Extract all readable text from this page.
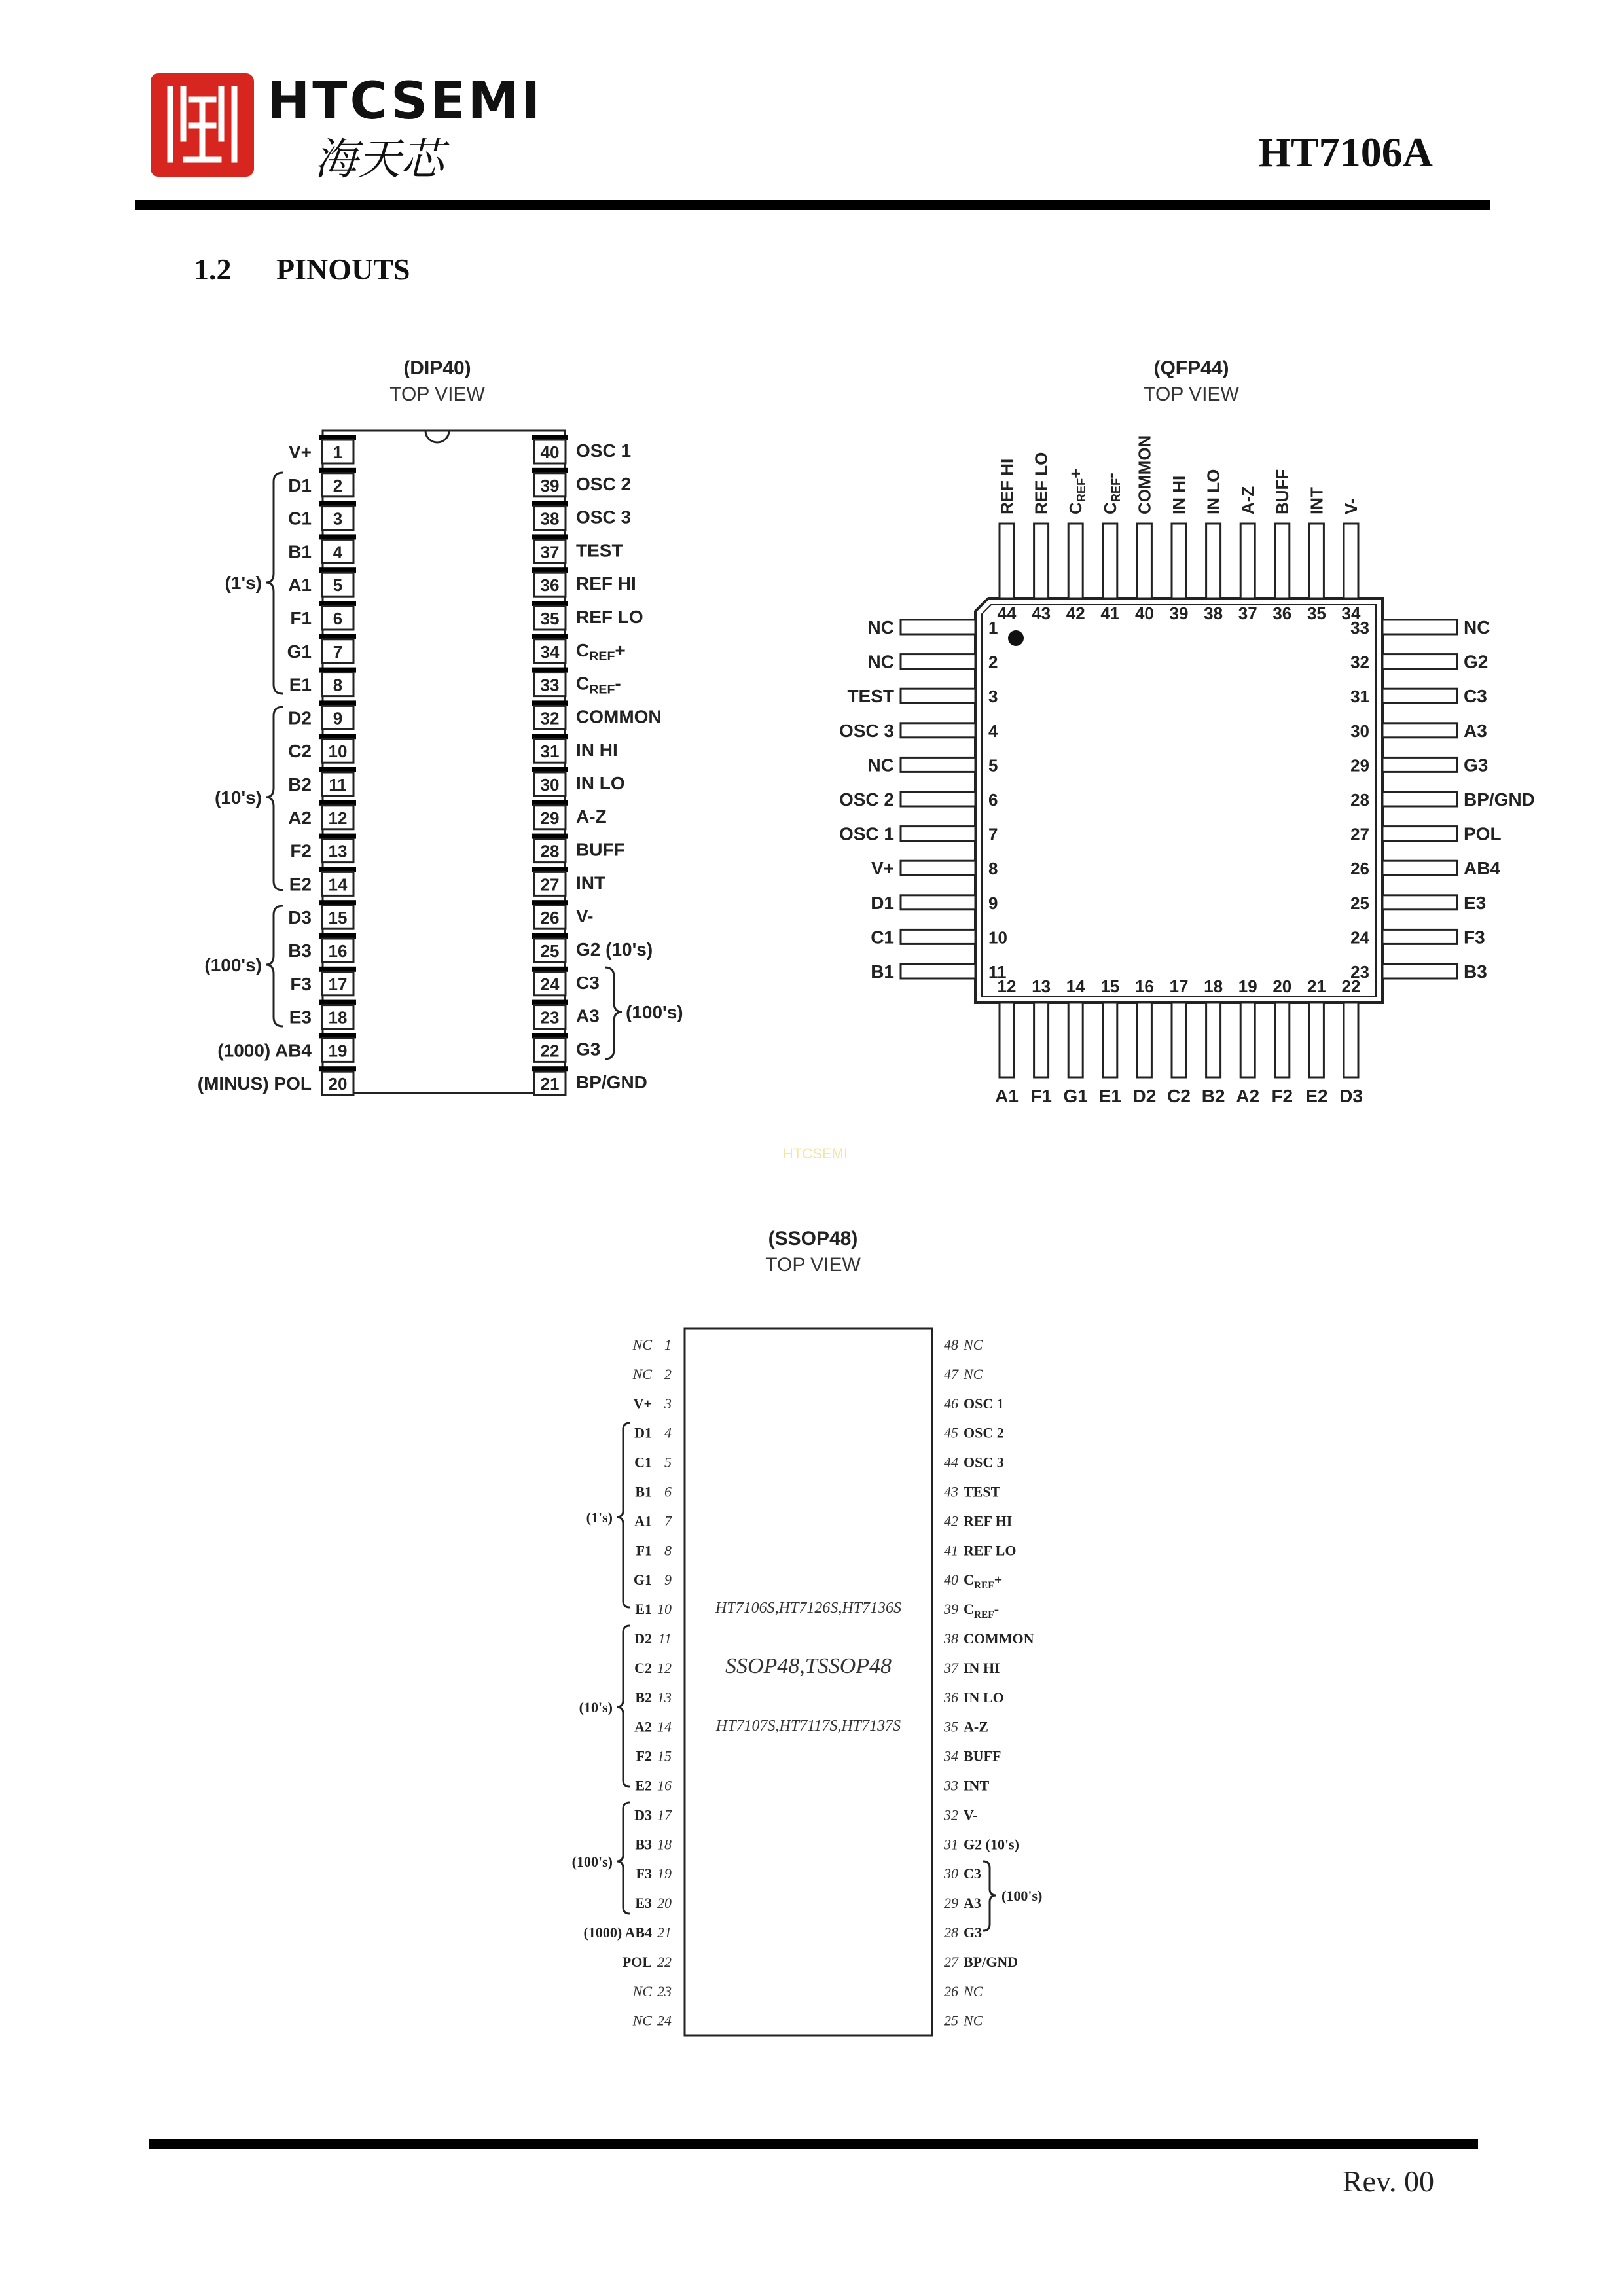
HTCSEMI
海天芯	HT7106A
1.2 PINOUTS
(DIP40)
TOP VIEW
1
V+
2
D1
3
C1
4
B1
5
A1
6
F1
7
G1
8
E1
9
D2
10
C2
11
B2
12
A2
13
F2
14
E2
15
D3
16
B3
17
F3
18
E3
19
(1000) AB4
20
(MINUS) POL
40 OSC 1
39 OSC 2
38 OSC 3
37 TEST
36 REF HI
35 REF LO
34 $C_{REF}+$
33 $C_{REF}-$
32 COMMON
31 IN HI
30 IN LO
29 A-Z
28 BUFF
27 INT
26 V-
25 G2 (10's)
24 C3
23 A3
22 G3
21 BP/GND
(1's)
(10's)
(100's)
(100's)
(QFP44)
TOP VIEW
REF HI
44
REF LO
43
$C_{REF}+$
42
$C_{REF}-$
41
COMMON
40
IN HI
39
IN LO
38
A-Z
37
BUFF
36
INT
35
V-
34
NC	1
NC	2
TEST	3
OSC 3	4
NC	5
OSC 2	6
OSC 1	7
V+	8
D1	9
C1	10
B1	11
NC
33
G2
32
C3
31
A3
30
G3
29
BP/GND
28
POL
27
AB4
26
E3
25
F3
24
B3
23
12
A1
13
F1
14
G1
15
E1
16
D2
17
C2
18
B2
19
A2
20
F2
21
E2
22
D3
(SSOP48)
TOP VIEW
HT7106S,HT7126S,HT7136S
SSOP48,TSSOP48
HT7107S,HT7117S,HT7137S
1
NC
2
NC
3
V+
4
D1
5
C1
6
B1
7
A1
8
F1
9
G1
10
E1
11
D2
12
C2
13
B2
14
A2
15
F2
16
E2
17
D3
18
B3
19
F3
20
E3
21
(1000) AB4
22
POL
23
NC
24
NC
48 NC
47 NC
46 OSC 1
45 OSC 2
44 OSC 3
43 TEST
42 REF HI
41 REF LO
40 $C_{REF}+$
39 $C_{REF}-$
38 COMMON
37 IN HI
36 IN LO
35 A-Z
34 BUFF
33 INT
32 V-
31 G2 (10's)
30 C3
29 A3
28 G3
27 BP/GND
26 NC
25 NC
(1's)
(10's)
(100's)
(100's)
HTCSEMI
Rev. 00
